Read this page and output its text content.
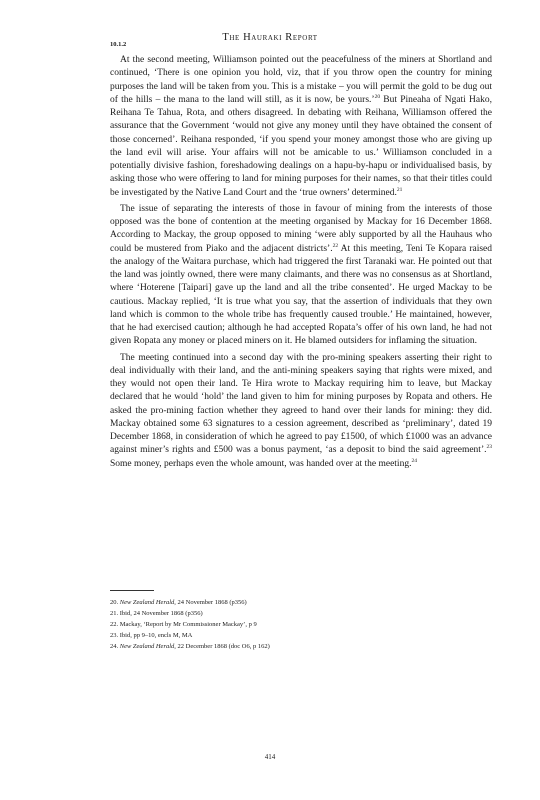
10.1.2
The Hauraki Report

At the second meeting, Williamson pointed out the peacefulness of the miners at Shortland and continued, ‘There is one opinion you hold, viz, that if you throw open the country for mining purposes the land will be taken from you. This is a mistake – you will permit the gold to be dug out of the hills – the mana to the land will still, as it is now, be yours.’$^{20}$ But Pineaha of Ngati Hako, Reihana Te Tahua, Rota, and others disagreed. In debating with Reihana, Williamson offered the assurance that the Government ‘would not give any money until they have obtained the consent of those concerned’. Reihana responded, ‘if you spend your money amongst those who are giving up the land evil will arise. Your affairs will not be amicable to us.’ Williamson concluded in a potentially divisive fashion, foreshadowing dealings on a hapu-by-hapu or individualised basis, by asking those who were offering to land for mining purposes for their names, so that their titles could be investigated by the Native Land Court and the ‘true owners’ determined.$^{21}$

The issue of separating the interests of those in favour of mining from the interests of those opposed was the bone of contention at the meeting organised by Mackay for 16 December 1868. According to Mackay, the group opposed to mining ‘were ably supported by all the Hauhaus who could be mustered from Piako and the adjacent districts’.$^{22}$ At this meeting, Teni Te Kopara raised the analogy of the Waitara purchase, which had triggered the first Taranaki war. He pointed out that the land was jointly owned, there were many claimants, and there was no consensus as at Shortland, where ‘Hoterene [Taipari] gave up the land and all the tribe consented’. He urged Mackay to be cautious. Mackay replied, ‘It is true what you say, that the assertion of individuals that they own land which is common to the whole tribe has frequently caused trouble.’ He maintained, however, that he had exercised caution; although he had accepted Ropata’s offer of his own land, he had not given Ropata any money or placed miners on it. He blamed outsiders for inflaming the situation.

The meeting continued into a second day with the pro-mining speakers asserting their right to deal individually with their land, and the anti-mining speakers saying that rights were mixed, and they would not open their land. Te Hira wrote to Mackay requiring him to leave, but Mackay declared that he would ‘hold’ the land given to him for mining purposes by Ropata and others. He asked the pro-mining faction whether they agreed to hand over their lands for mining: they did. Mackay obtained some 63 signatures to a cession agreement, described as ‘preliminary’, dated 19 December 1868, in consideration of which he agreed to pay £1500, of which £1000 was an advance against miner’s rights and £500 was a bonus payment, ‘as a deposit to bind the said agreement’.$^{23}$ Some money, perhaps even the whole amount, was handed over at the meeting.$^{24}$

20. New Zealand Herald, 24 November 1868 (p356)
21. Ibid, 24 November 1868 (p356)
22. Mackay, ‘Report by Mr Commissioner Mackay’, p 9
23. Ibid, pp 9–10, encls M, MA
24. New Zealand Herald, 22 December 1868 (doc O6, p 162)
414
